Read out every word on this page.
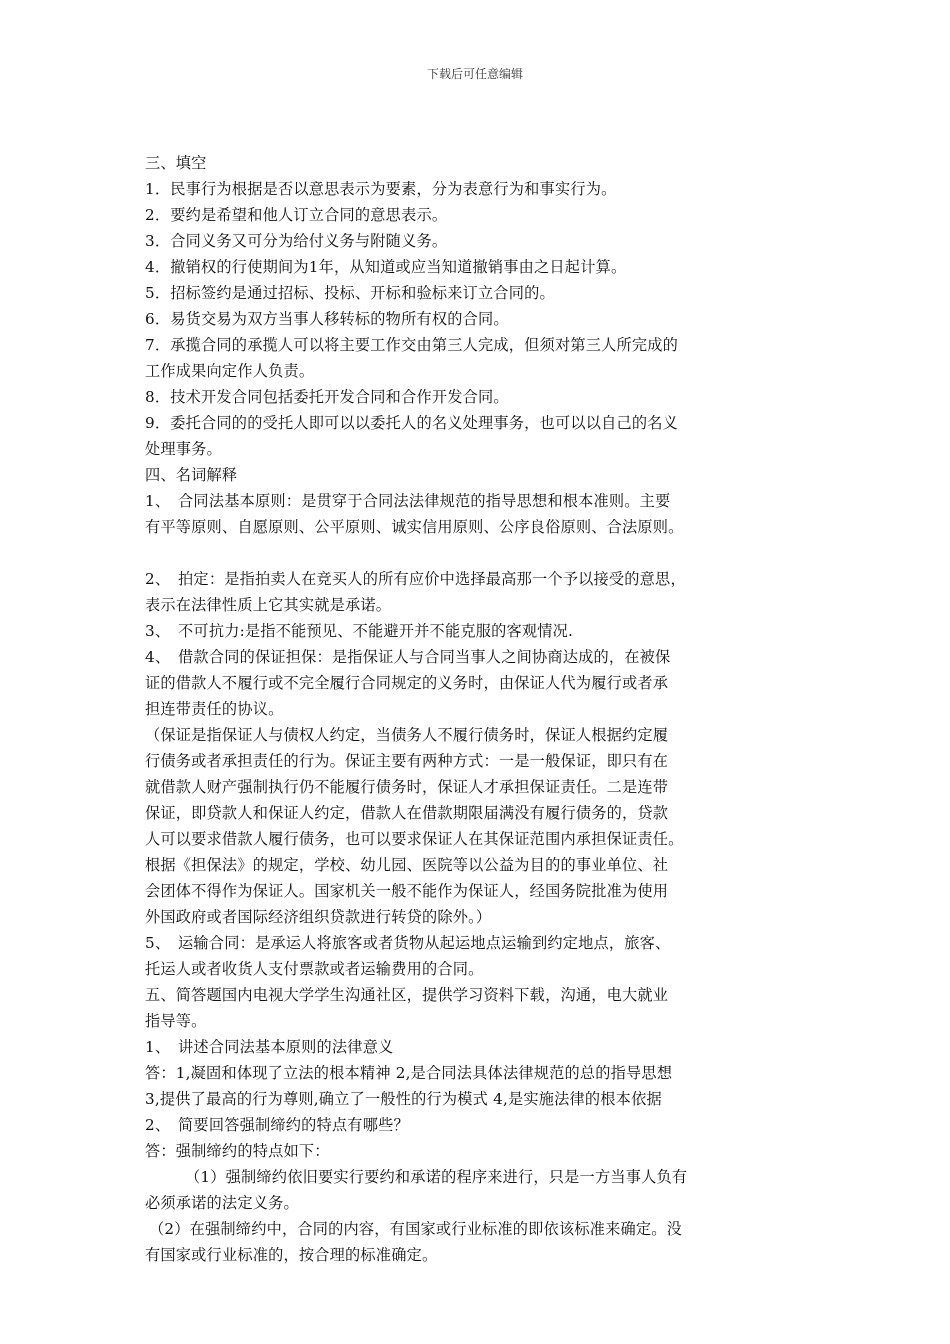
下载后可任意编辑
三、填空
1．民事行为根据是否以意思表示为要素，分为表意行为和事实行为。
2．要约是希望和他人订立合同的意思表示。
3．合同义务又可分为给付义务与附随义务。
4．撤销权的行使期间为1年，从知道或应当知道撤销事由之日起计算。
5．招标签约是通过招标、投标、开标和验标来订立合同的。
6．易货交易为双方当事人移转标的物所有权的合同。
7．承揽合同的承揽人可以将主要工作交由第三人完成，但须对第三人所完成的
工作成果向定作人负责。
8．技术开发合同包括委托开发合同和合作开发合同。
9．委托合同的的受托人即可以以委托人的名义处理事务，也可以以自己的名义
处理事务。
四、名词解释
1、　合同法基本原则：是贯穿于合同法法律规范的指导思想和根本准则。主要
有平等原则、自愿原则、公平原则、诚实信用原则、公序良俗原则、合法原则。
2、　拍定：是指拍卖人在竞买人的所有应价中选择最高那一个予以接受的意思，
表示在法律性质上它其实就是承诺。
3、　不可抗力:是指不能预见、不能避开并不能克服的客观情况.
4、　借款合同的保证担保：是指保证人与合同当事人之间协商达成的，在被保
证的借款人不履行或不完全履行合同规定的义务时，由保证人代为履行或者承
担连带责任的协议。
（保证是指保证人与债权人约定，当债务人不履行债务时，保证人根据约定履
行债务或者承担责任的行为。保证主要有两种方式：一是一般保证，即只有在
就借款人财产强制执行仍不能履行债务时，保证人才承担保证责任。二是连带
保证，即贷款人和保证人约定，借款人在借款期限届满没有履行债务的，贷款
人可以要求借款人履行债务，也可以要求保证人在其保证范围内承担保证责任。
根据《担保法》的规定，学校、幼儿园、医院等以公益为目的的事业单位、社
会团体不得作为保证人。国家机关一般不能作为保证人，经国务院批准为使用
外国政府或者国际经济组织贷款进行转贷的除外。）
5、　运输合同：是承运人将旅客或者货物从起运地点运输到约定地点，旅客、
托运人或者收货人支付票款或者运输费用的合同。
五、简答题国内电视大学学生沟通社区，提供学习资料下载，沟通，电大就业
指导等。
1、　讲述合同法基本原则的法律意义
答：1,凝固和体现了立法的根本精神 2,是合同法具体法律规范的总的指导思想
3,提供了最高的行为尊则,确立了一般性的行为模式 4,是实施法律的根本依据
2、　简要回答强制缔约的特点有哪些？
答：强制缔约的特点如下：
（1）强制缔约依旧要实行要约和承诺的程序来进行，只是一方当事人负有
必须承诺的法定义务。
（2）在强制缔约中，合同的内容，有国家或行业标准的即依该标准来确定。没
有国家或行业标准的，按合理的标准确定。
